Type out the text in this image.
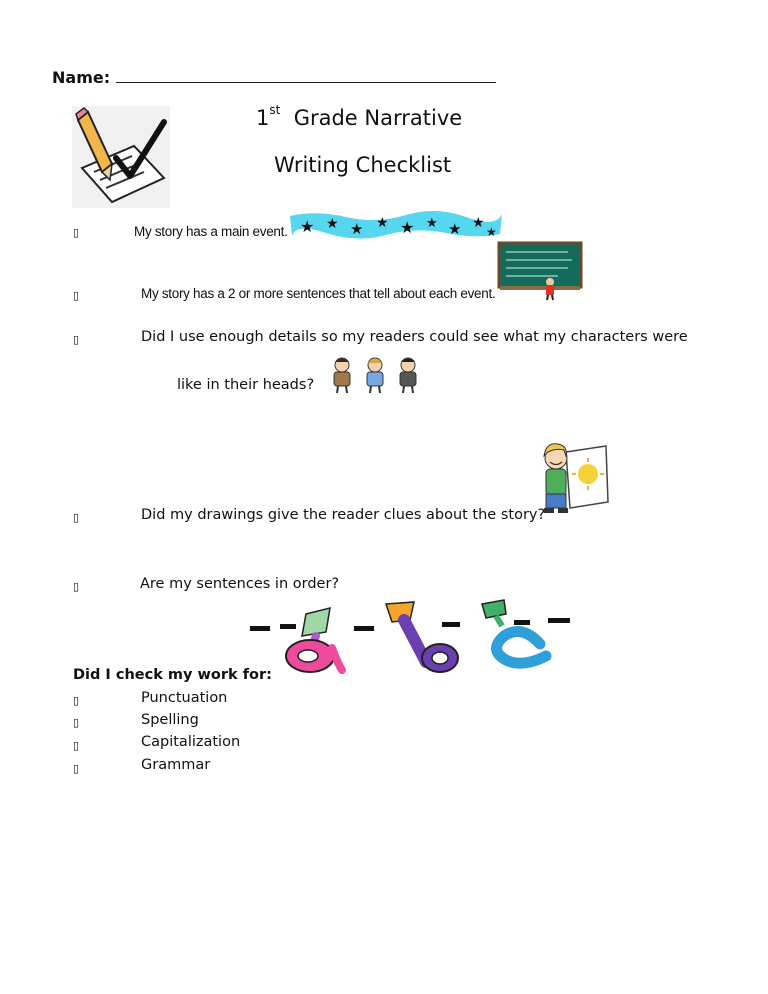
Name:
1st Grade Narrative
Writing Checklist
▯	My story has a main event. ★ ★ ★ ★ ★ ★ ★ ★
★
▯	My story has a 2 or more sentences that tell about each event.
▯	Did I use enough details so my readers could see what my characters were
like in their heads?
▯	Did my drawings give the reader clues about the story?
▯	Are my sentences in order?
Did I check my work for:
▯	Punctuation
▯	Spelling
▯	Capitalization
▯	Grammar
